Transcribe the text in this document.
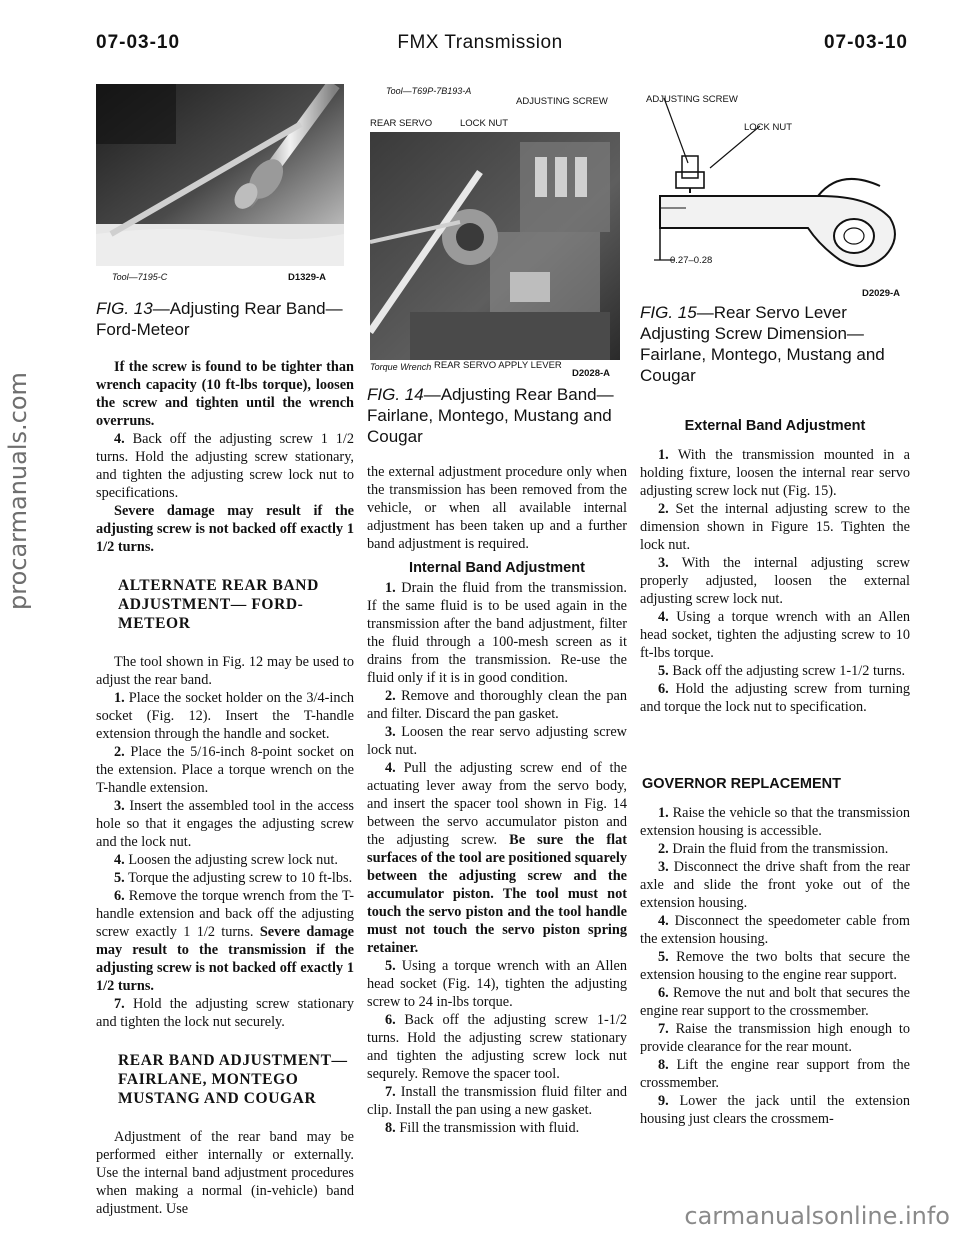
07-03-10	FMX Transmission	07-03-10
Tool—7195-C	D1329-A
FIG. 13—Adjusting Rear Band—Ford-Meteor

If the screw is found to be tighter than wrench capacity (10 ft-lbs torque), loosen the screw and tighten until the wrench overruns.

4. Back off the adjusting screw 1 1/2 turns. Hold the adjusting screw stationary, and tighten the adjusting screw lock nut to specifications.

Severe damage may result if the adjusting screw is not backed off exactly 1 1/2 turns.

ALTERNATE REAR BAND ADJUSTMENT— FORD-METEOR

The tool shown in Fig. 12 may be used to adjust the rear band.

1. Place the socket holder on the 3/4-inch socket (Fig. 12). Insert the T-handle extension through the handle and socket.

2. Place the 5/16-inch 8-point socket on the extension. Place a torque wrench on the T-handle extension.

3. Insert the assembled tool in the access hole so that it engages the adjusting screw and the lock nut.

4. Loosen the adjusting screw lock nut.

5. Torque the adjusting screw to 10 ft-lbs.

6. Remove the torque wrench from the T-handle extension and back off the adjusting screw exactly 1 1/2 turns. Severe damage may result to the transmission if the adjusting screw is not backed off exactly 1 1/2 turns.

7. Hold the adjusting screw stationary and tighten the lock nut securely.

REAR BAND ADJUSTMENT— FAIRLANE, MONTEGO MUSTANG AND COUGAR

Adjustment of the rear band may be performed either internally or externally. Use the internal band adjustment procedures when making a normal (in-vehicle) band adjustment. Use

Tool—T69P-7B193-A
ADJUSTING SCREW
REAR SERVO	LOCK NUT
Torque Wrench REAR SERVO APPLY LEVER
D2028-A
FIG. 14—Adjusting Rear Band—Fairlane, Montego, Mustang and Cougar

the external adjustment procedure only when the transmission has been removed from the vehicle, or when all available internal adjustment has been taken up and a further band adjustment is required.

Internal Band Adjustment

1. Drain the fluid from the transmission. If the same fluid is to be used again in the transmission after the band adjustment, filter the fluid through a 100-mesh screen as it drains from the transmission. Re-use the fluid only if it is in good condition.

2. Remove and thoroughly clean the pan and filter. Discard the pan gasket.

3. Loosen the rear servo adjusting screw lock nut.

4. Pull the adjusting screw end of the actuating lever away from the servo body, and insert the spacer tool shown in Fig. 14 between the servo accumulator piston and the adjusting screw. Be sure the flat surfaces of the tool are positioned squarely between the adjusting screw and the accumulator piston. The tool must not touch the servo piston and the tool handle must not touch the servo piston spring retainer.

5. Using a torque wrench with an Allen head socket (Fig. 14), tighten the adjusting screw to 24 in-lbs torque.

6. Back off the adjusting screw 1-1/2 turns. Hold the adjusting screw stationary and tighten the adjusting screw lock nut sequrely. Remove the spacer tool.

7. Install the transmission fluid filter and clip. Install the pan using a new gasket.

8. Fill the transmission with fluid.

ADJUSTING SCREW
LOCK NUT
0.27–0.28
D2029-A
FIG. 15—Rear Servo Lever Adjusting Screw Dimension—Fairlane, Montego, Mustang and Cougar
External Band Adjustment

1. With the transmission mounted in a holding fixture, loosen the internal rear servo adjusting screw lock nut (Fig. 15).

2. Set the internal adjusting screw to the dimension shown in Figure 15. Tighten the lock nut.

3. With the internal adjusting screw properly adjusted, loosen the external adjusting screw lock nut.

4. Using a torque wrench with an Allen head socket, tighten the adjusting screw to 10 ft-lbs torque.

5. Back off the adjusting screw 1-1/2 turns.

6. Hold the adjusting screw from turning and torque the lock nut to specification.

GOVERNOR REPLACEMENT

1. Raise the vehicle so that the transmission extension housing is accessible.

2. Drain the fluid from the transmission.

3. Disconnect the drive shaft from the rear axle and slide the front yoke out of the extension housing.

4. Disconnect the speedometer cable from the extension housing.

5. Remove the two bolts that secure the extension housing to the engine rear support.

6. Remove the nut and bolt that secures the engine rear support to the crossmember.

7. Raise the transmission high enough to provide clearance for the rear mount.

8. Lift the engine rear support from the crossmember.

9. Lower the jack until the extension housing just clears the crossmem-

procarmanuals.com
carmanualsonline.info
